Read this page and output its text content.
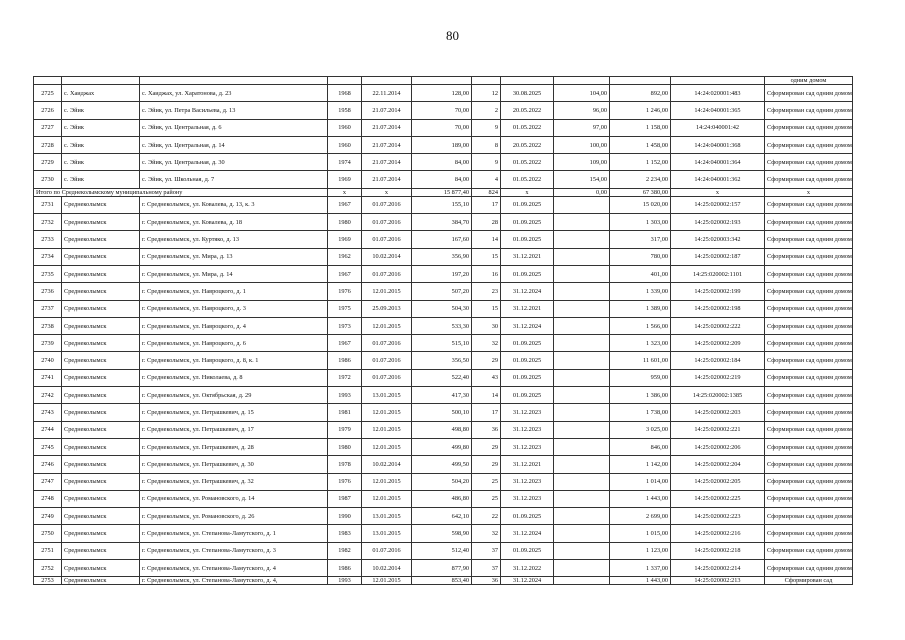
80
											одним домом
2725	с. Хаиджах	с. Хаиджах, ул. Харатонова, д. 23	1968	22.11.2014	128,00	12	30.08.2025	104,00	892,00	14:24:020001:483	Сформирован сад одним домом
2726	с. Эйик	с. Эйик, ул. Петра Васильева, д. 13	1958	21.07.2014	70,00	2	20.05.2022	96,00	1 246,00	14:24:040001:365	Сформирован сад одним домом
2727	с. Эйик	с. Эйик, ул. Центральная, д. 6	1960	21.07.2014	70,00	9	01.05.2022	97,00	1 158,00	14:24:040001:42	Сформирован сад одним домом
2728	с. Эйик	с. Эйик, ул. Центральная, д. 14	1960	21.07.2014	189,00	8	20.05.2022	100,00	1 458,00	14:24:040001:368	Сформирован сад одним домом
2729	с. Эйик	с. Эйик, ул. Центральная, д. 30	1974	21.07.2014	84,00	9	01.05.2022	109,00	1 152,00	14:24:040001:364	Сформирован сад одним домом
2730	с. Эйик	с. Эйик, ул. Школьная, д. 7	1969	21.07.2014	84,00	4	01.05.2022	154,00	2 234,00	14:24:040001:362	Сформирован сад одним домом
Итого по Среднеколымскому муниципальному району			x	x	15 877,40	824	x	0,00	67 380,00	x	x
2731	Среднеколымск	г. Среднеколымск, ул. Ковалева, д. 13, к. 3	1967	01.07.2016	155,10	17	01.09.2025		15 020,00	14:25:020002:157	Сформирован сад одним домом
2732	Среднеколымск	г. Среднеколымск, ул. Ковалева, д. 18	1980	01.07.2016	384,70	28	01.09.2025		1 303,00	14:25:020002:193	Сформирован сад одним домом
2733	Среднеколымск	г. Среднеколымск, ул. Куртяко, д. 13	1969	01.07.2016	167,60	14	01.09.2025		317,00	14:25:020003:342	Сформирован сад одним домом
2734	Среднеколымск	г. Среднеколымск, ул. Мира, д. 13	1962	10.02.2014	356,90	15	31.12.2021		780,00	14:25:020002:187	Сформирован сад одним домом
2735	Среднеколымск	г. Среднеколымск, ул. Мира, д. 14	1967	01.07.2016	197,20	16	01.09.2025		401,00	14:25:020002:1101	Сформирован сад одним домом
2736	Среднеколымск	г. Среднеколымск, ул. Навроцкого, д. 1	1976	12.01.2015	507,20	23	31.12.2024		1 339,00	14:25:020002:199	Сформирован сад одним домом
2737	Среднеколымск	г. Среднеколымск, ул. Навроцкого, д. 3	1975	25.09.2013	504,30	15	31.12.2021		1 389,00	14:25:020002:198	Сформирован сад одним домом
2738	Среднеколымск	г. Среднеколымск, ул. Навроцкого, д. 4	1973	12.01.2015	533,30	30	31.12.2024		1 566,00	14:25:020002:222	Сформирован сад одним домом
2739	Среднеколымск	г. Среднеколымск, ул. Навроцкого, д. 6	1967	01.07.2016	515,10	32	01.09.2025		1 323,00	14:25:020002:209	Сформирован сад одним домом
2740	Среднеколымск	г. Среднеколымск, ул. Навроцкого, д. 8, к. 1	1986	01.07.2016	356,50	29	01.09.2025		11 601,00	14:25:020002:184	Сформирован сад одним домом
2741	Среднеколымск	г. Среднеколымск, ул. Николаева, д. 8	1972	01.07.2016	522,40	43	01.09.2025		959,00	14:25:020002:219	Сформирован сад одним домом
2742	Среднеколымск	г. Среднеколымск, ул. Октябрьская, д. 29	1993	13.01.2015	417,30	14	01.09.2025		1 386,00	14:25:020002:1385	Сформирован сад одним домом
2743	Среднеколымск	г. Среднеколымск, ул. Петрашкевич, д. 15	1981	12.01.2015	500,10	17	31.12.2023		1 738,00	14:25:020002:203	Сформирован сад одним домом
2744	Среднеколымск	г. Среднеколымск, ул. Петрашкевич, д. 17	1979	12.01.2015	498,80	36	31.12.2023		3 025,00	14:25:020002:221	Сформирован сад одним домом
2745	Среднеколымск	г. Среднеколымск, ул. Петрашкевич, д. 28	1980	12.01.2015	499,80	29	31.12.2023		846,00	14:25:020002:206	Сформирован сад одним домом
2746	Среднеколымск	г. Среднеколымск, ул. Петрашкевич, д. 30	1978	10.02.2014	499,50	29	31.12.2021		1 142,00	14:25:020002:204	Сформирован сад одним домом
2747	Среднеколымск	г. Среднеколымск, ул. Петрашкевич, д. 32	1976	12.01.2015	504,20	25	31.12.2023		1 014,00	14:25:020002:205	Сформирован сад одним домом
2748	Среднеколымск	г. Среднеколымск, ул. Романовского, д. 14	1987	12.01.2015	486,80	25	31.12.2023		1 443,00	14:25:020002:225	Сформирован сад одним домом
2749	Среднеколымск	г. Среднеколымск, ул. Романовского, д. 26	1990	13.01.2015	642,10	22	01.09.2025		2 699,00	14:25:020002:223	Сформирован сад одним домом
2750	Среднеколымск	г. Среднеколымск, ул. Степанова-Ламутского, д. 1	1983	13.01.2015	598,90	32	31.12.2024		1 015,00	14:25:020002:216	Сформирован сад одним домом
2751	Среднеколымск	г. Среднеколымск, ул. Степанова-Ламутского, д. 3	1982	01.07.2016	512,40	37	01.09.2025		1 123,00	14:25:020002:218	Сформирован сад одним домом
2752	Среднеколымск	г. Среднеколымск, ул. Степанова-Ламутского, д. 4	1986	10.02.2014	877,90	37	31.12.2022		1 337,00	14:25:020002:214	Сформирован сад одним домом
2753	Среднеколымск	г. Среднеколымск, ул. Степанова-Ламутского, д. 4,	1993	12.01.2015	853,40	36	31.12.2024		1 443,00	14:25:020002:213	Сформирован сад
